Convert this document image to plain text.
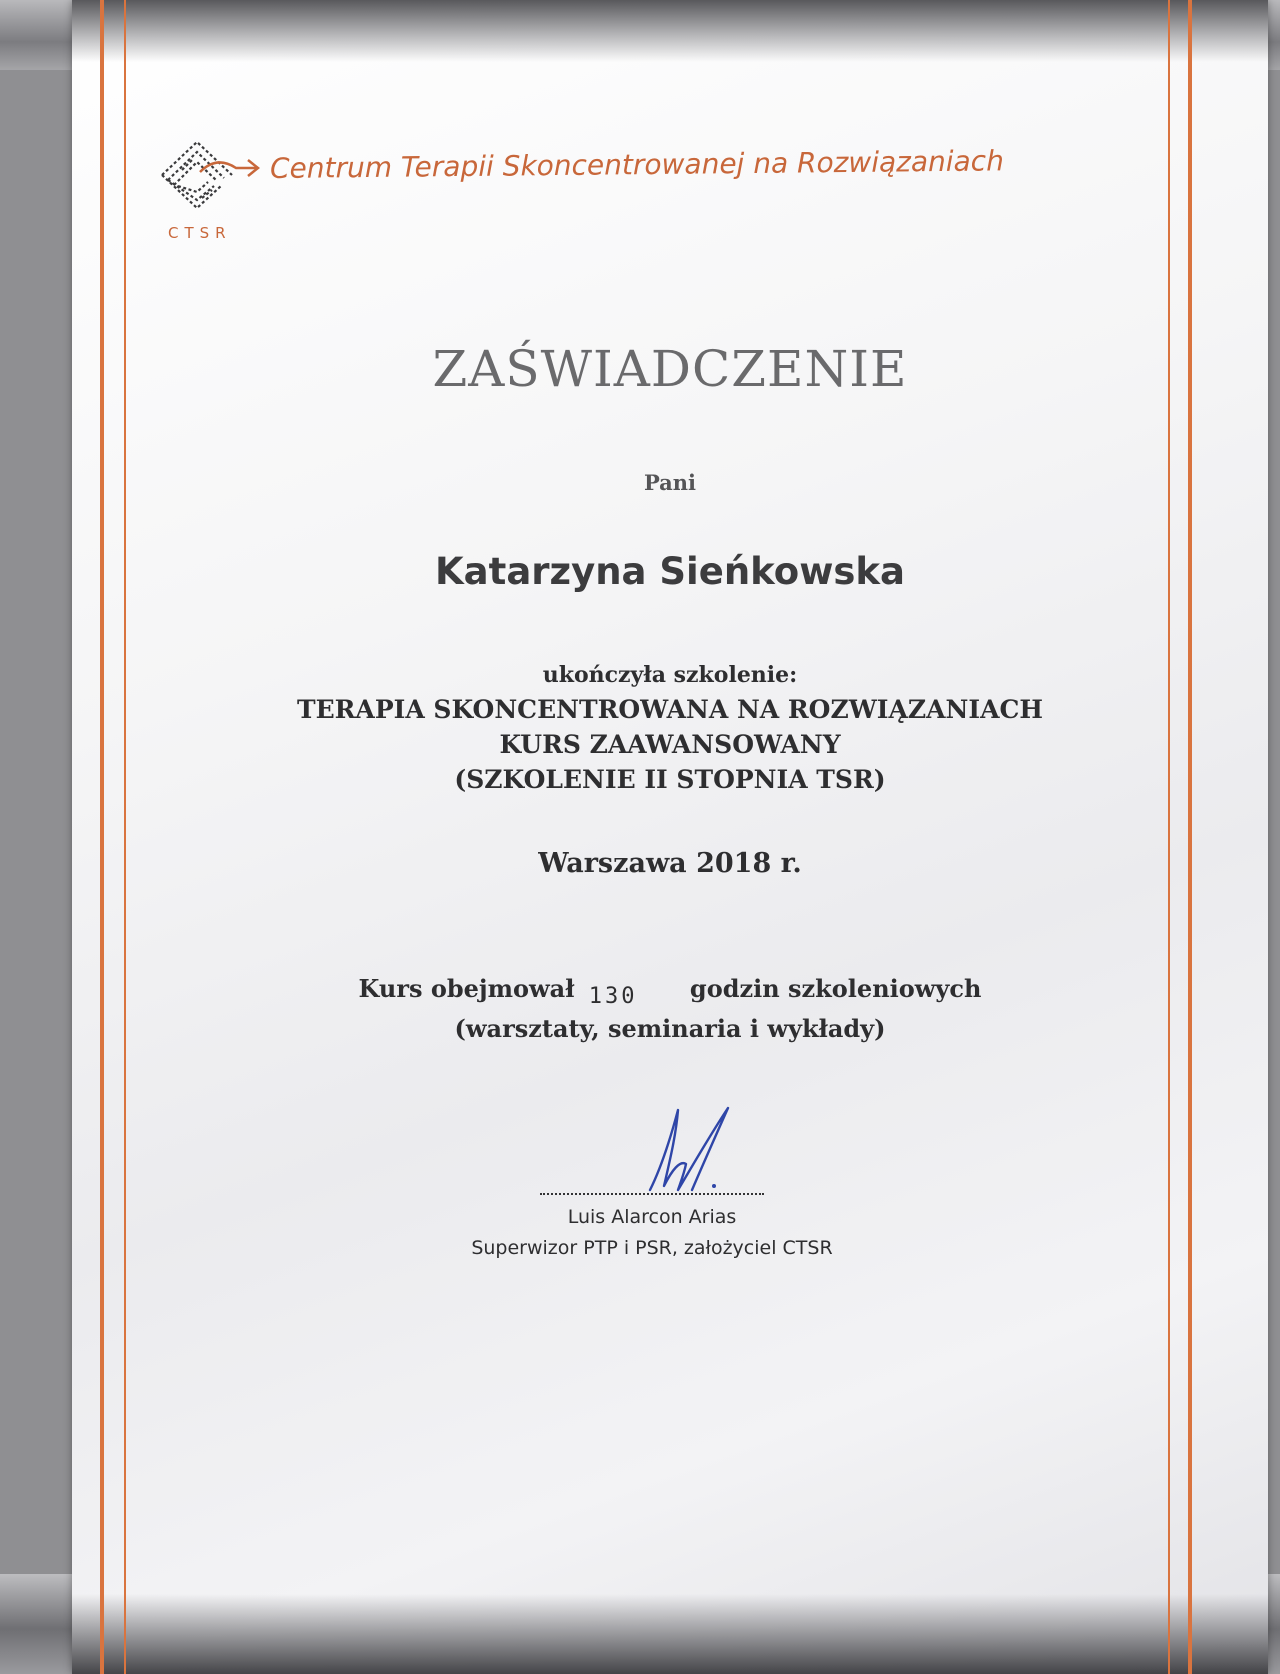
CTSR
Centrum Terapii Skoncentrowanej na Rozwiązaniach
ZAŚWIADCZENIE
Pani
Katarzyna Sieńkowska
ukończyła szkolenie:
TERAPIA SKONCENTROWANA NA ROZWIĄZANIACH
KURS ZAAWANSOWANY
(SZKOLENIE II STOPNIA TSR)
Warszawa 2018 r.
Kurs obejmował 130 godzin szkoleniowych
(warsztaty, seminaria i wykłady)
Luis Alarcon Arias
Superwizor PTP i PSR, założyciel CTSR
